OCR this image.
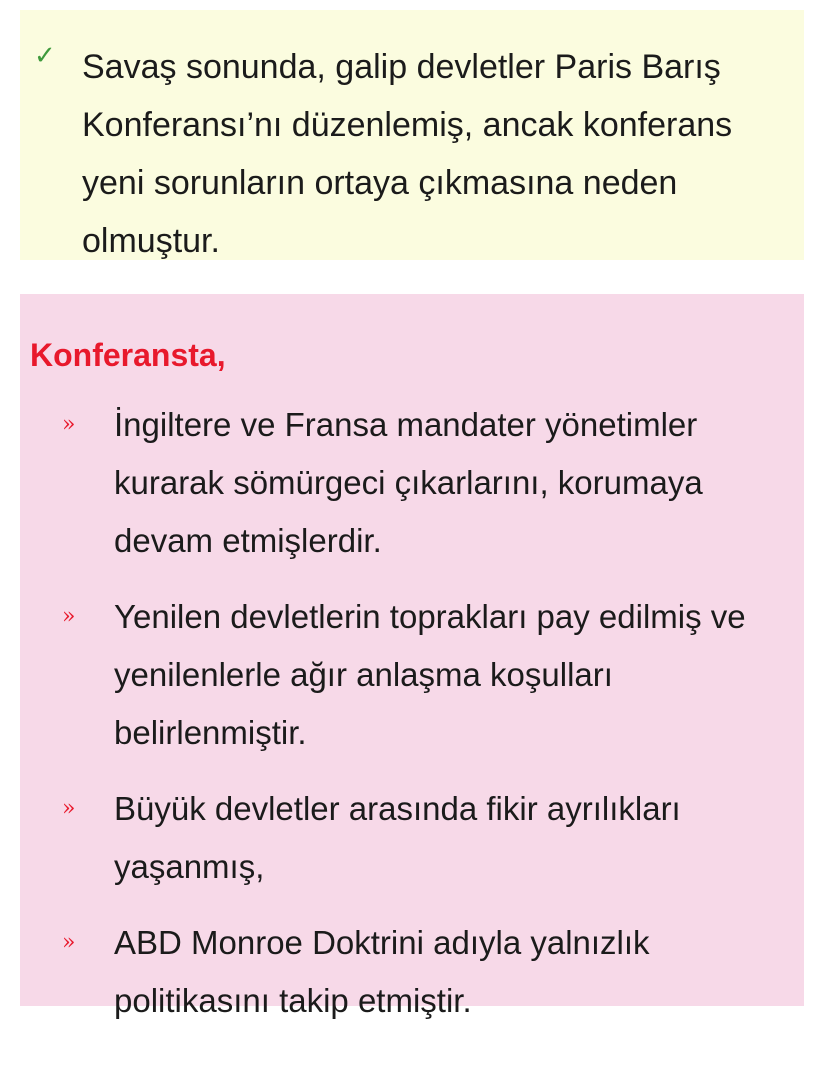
✓ Savaş sonunda, galip devletler Paris Barış Konferansı’nı düzenlemiş, ancak konferans yeni sorunların ortaya çıkmasına neden olmuştur.
Konferansta,
» İngiltere ve Fransa mandater yönetimler kurarak sömürgeci çıkarlarını, korumaya devam etmişlerdir.
» Yenilen devletlerin toprakları pay edilmiş ve yenilenlerle ağır anlaşma koşulları belirlenmiştir.
» Büyük devletler arasında fikir ayrılıkları yaşanmış,
» ABD Monroe Doktrini adıyla yalnızlık politikasını takip etmiştir.
